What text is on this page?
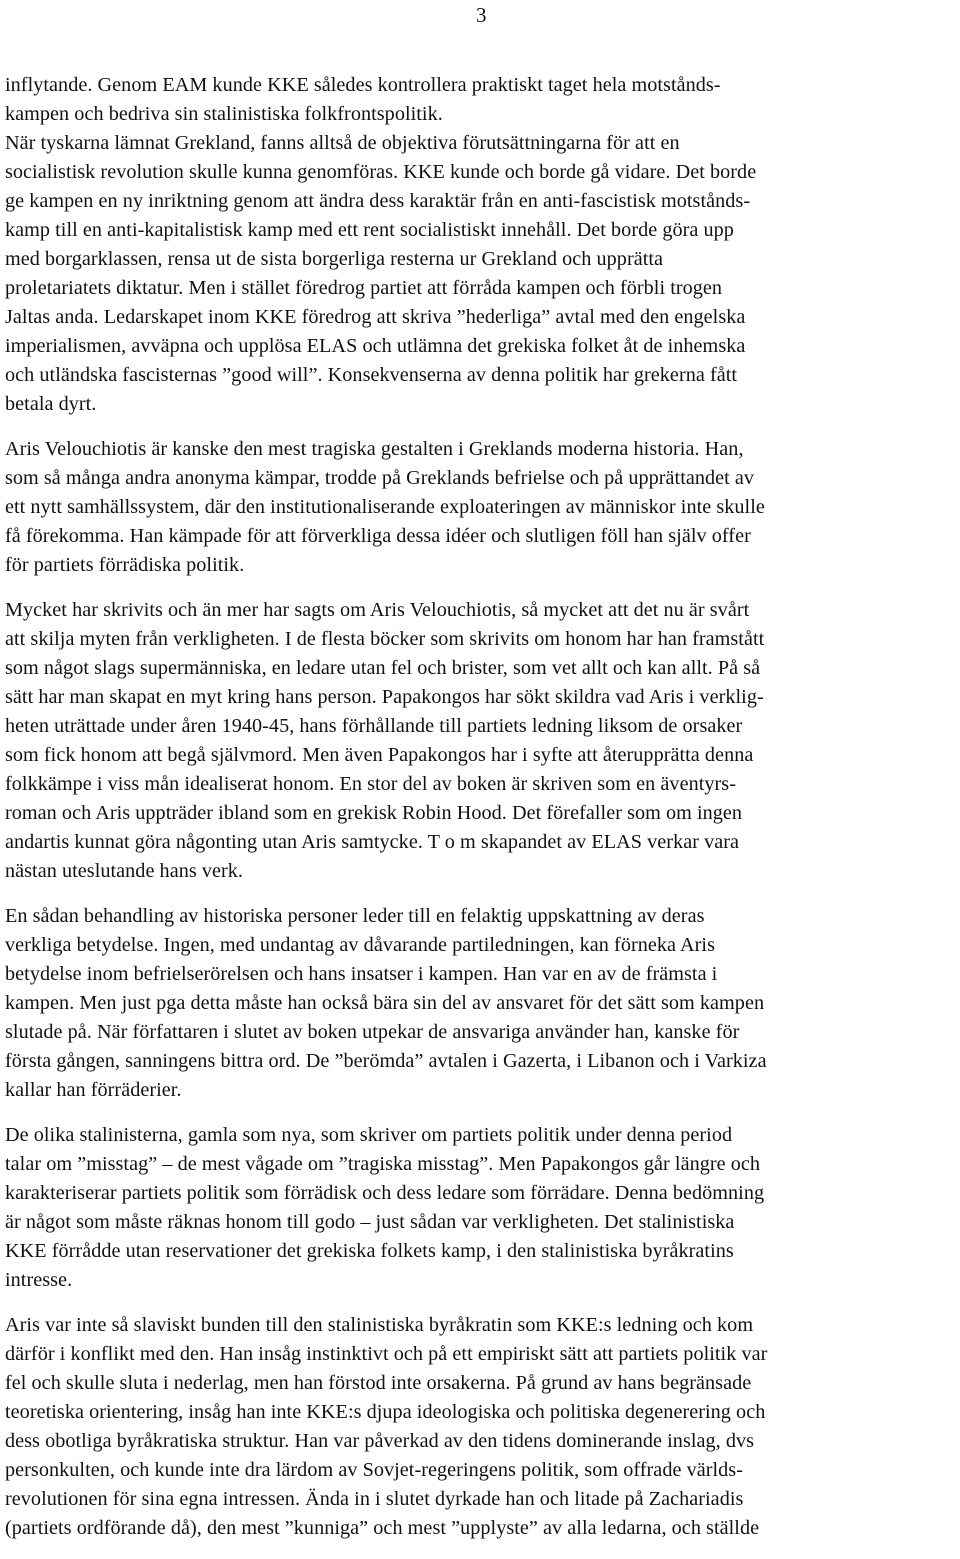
3
inflytande. Genom EAM kunde KKE således kontrollera praktiskt taget hela motstånds-
kampen och bedriva sin stalinistiska folkfrontspolitik.
När tyskarna lämnat Grekland, fanns alltså de objektiva förutsättningarna för att en
socialistisk revolution skulle kunna genomföras. KKE kunde och borde gå vidare. Det borde
ge kampen en ny inriktning genom att ändra dess karaktär från en anti-fascistisk motstånds-
kamp till en anti-kapitalistisk kamp med ett rent socialistiskt innehåll. Det borde göra upp
med borgarklassen, rensa ut de sista borgerliga resterna ur Grekland och upprätta
proletariatets diktatur. Men i stället föredrog partiet att förråda kampen och förbli trogen
Jaltas anda. Ledarskapet inom KKE föredrog att skriva ”hederliga” avtal med den engelska
imperialismen, avväpna och upplösa ELAS och utlämna det grekiska folket åt de inhemska
och utländska fascisternas ”good will”. Konsekvenserna av denna politik har grekerna fått
betala dyrt.
Aris Velouchiotis är kanske den mest tragiska gestalten i Greklands moderna historia. Han,
som så många andra anonyma kämpar, trodde på Greklands befrielse och på upprättandet av
ett nytt samhällssystem, där den institutionaliserande exploateringen av människor inte skulle
få förekomma. Han kämpade för att förverkliga dessa idéer och slutligen föll han själv offer
för partiets förrädiska politik.
Mycket har skrivits och än mer har sagts om Aris Velouchiotis, så mycket att det nu är svårt
att skilja myten från verkligheten. I de flesta böcker som skrivits om honom har han framstått
som något slags supermänniska, en ledare utan fel och brister, som vet allt och kan allt. På så
sätt har man skapat en myt kring hans person. Papakongos har sökt skildra vad Aris i verklig-
heten uträttade under åren 1940-45, hans förhållande till partiets ledning liksom de orsaker
som fick honom att begå självmord. Men även Papakongos har i syfte att återupprätta denna
folkkämpe i viss mån idealiserat honom. En stor del av boken är skriven som en äventyrs-
roman och Aris uppträder ibland som en grekisk Robin Hood. Det förefaller som om ingen
andartis kunnat göra någonting utan Aris samtycke. T o m skapandet av ELAS verkar vara
nästan uteslutande hans verk.
En sådan behandling av historiska personer leder till en felaktig uppskattning av deras
verkliga betydelse. Ingen, med undantag av dåvarande partiledningen, kan förneka Aris
betydelse inom befrielserörelsen och hans insatser i kampen. Han var en av de främsta i
kampen. Men just pga detta måste han också bära sin del av ansvaret för det sätt som kampen
slutade på. När författaren i slutet av boken utpekar de ansvariga använder han, kanske för
första gången, sanningens bittra ord. De ”berömda” avtalen i Gazerta, i Libanon och i Varkiza
kallar han förräderier.
De olika stalinisterna, gamla som nya, som skriver om partiets politik under denna period
talar om ”misstag” – de mest vågade om ”tragiska misstag”. Men Papakongos går längre och
karakteriserar partiets politik som förrädisk och dess ledare som förrädare. Denna bedömning
är något som måste räknas honom till godo – just sådan var verkligheten. Det stalinistiska
KKE förrådde utan reservationer det grekiska folkets kamp, i den stalinistiska byråkratins
intresse.
Aris var inte så slaviskt bunden till den stalinistiska byråkratin som KKE:s ledning och kom
därför i konflikt med den. Han insåg instinktivt och på ett empiriskt sätt att partiets politik var
fel och skulle sluta i nederlag, men han förstod inte orsakerna. På grund av hans begränsade
teoretiska orientering, insåg han inte KKE:s djupa ideologiska och politiska degenerering och
dess obotliga byråkratiska struktur. Han var påverkad av den tidens dominerande inslag, dvs
personkulten, och kunde inte dra lärdom av Sovjet-regeringens politik, som offrade världs-
revolutionen för sina egna intressen. Ända in i slutet dyrkade han och litade på Zachariadis
(partiets ordförande då), den mest ”kunniga” och mest ”upplyste” av alla ledarna, och ställde
